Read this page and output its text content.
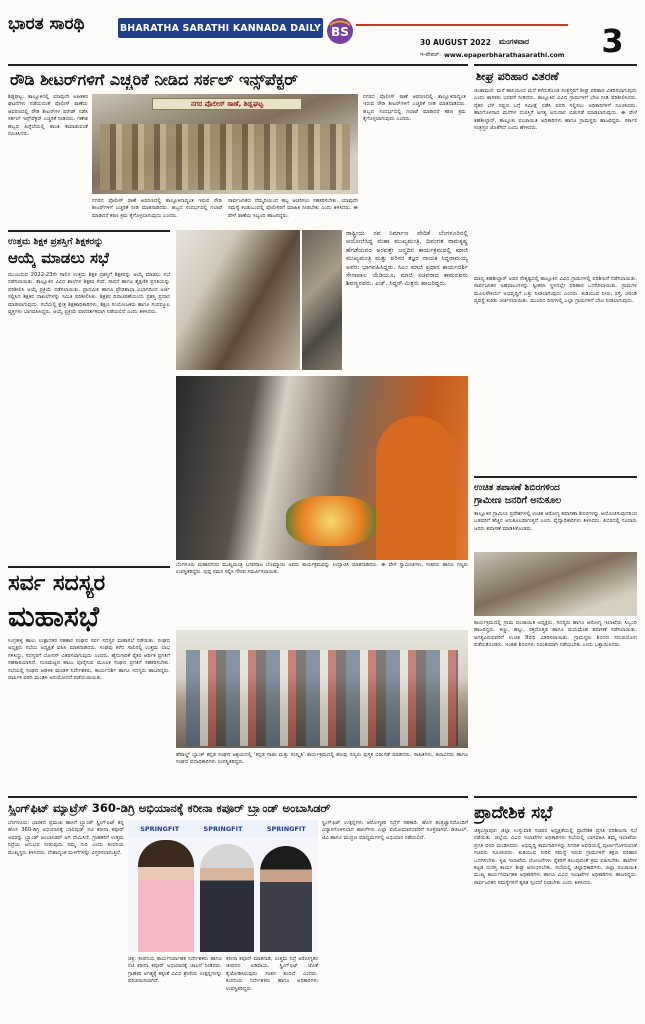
ಭಾರತ ಸಾರಥಿ	BHARATHA SARATHI KANNADA DAILY BS
30 AUGUST 2022 ಮಂಗಳವಾರ 3
ಇ-ಪೇಪರ್: www.epaperbharathasarathi.com
ರೌಡಿ ಶೀಟರ್‌ಗಳಿಗೆ ಎಚ್ಚರಿಕೆ ನೀಡಿದ ಸರ್ಕಲ್ ಇನ್ಸ್‌ಪೆಕ್ಟರ್
ಶಿಡ್ಲಘಟ್ಟ: ತಾಲ್ಲೂಕಿನಲ್ಲಿ ಯಾವುದೇ ಅಹಿತಕರ ಘಟನೆಗಳು ನಡೆಯದಂತೆ ಪೊಲೀಸ್ ಠಾಣೆಯ ಆವರಣದಲ್ಲಿ ರೌಡಿ ಶೀಟರ್‌ಗಳ ಪರೇಡ್ ನಡೆಸಿ ಸರ್ಕಲ್ ಇನ್ಸ್‌ಪೆಕ್ಟರ್ ಎಚ್ಚರಿಕೆ ನೀಡಿದರು. ಗಣೇಶ ಹಬ್ಬದ ಹಿನ್ನೆಲೆಯಲ್ಲಿ ಶಾಂತಿ ಕಾಪಾಡುವಂತೆ ಸೂಚಿಸಿದರು.
ನಗರ ಪೊಲೀಸ್ ಠಾಣೆ, ಶಿಡ್ಲಘಟ್ಟ
ನಗರದ ಪೊಲೀಸ್ ಠಾಣೆ ಆವರಣದಲ್ಲಿ ತಾಲ್ಲೂಕಿನಾದ್ಯಂತ ಇರುವ ರೌಡಿ ಶೀಟರ್‌ಗಳಿಗೆ ಎಚ್ಚರಿಕೆ ನೀಡಿ ಮಾತನಾಡಿದರು. ಹಬ್ಬದ ಸಂದರ್ಭದಲ್ಲಿ ಗಲಾಟೆ ಮಾಡಿದರೆ ಕಠಿಣ ಕ್ರಮ ಕೈಗೊಳ್ಳಲಾಗುವುದು ಎಂದರು.
ಸಾರ್ವಜನಿಕರು ನೆಮ್ಮದಿಯಿಂದ ಹಬ್ಬ ಆಚರಿಸಲು ಸಹಕರಿಸಬೇಕು. ಯಾವುದೇ ಸಮಸ್ಯೆ ಕಂಡುಬಂದಲ್ಲಿ ಪೊಲೀಸರಿಗೆ ಮಾಹಿತಿ ನೀಡಬೇಕು ಎಂದು ತಿಳಿಸಿದರು. ಈ ವೇಳೆ ಠಾಣೆಯ ಸಿಬ್ಬಂದಿ ಹಾಜರಿದ್ದರು.
ನಗರದ ಪೊಲೀಸ್ ಠಾಣೆ ಆವರಣದಲ್ಲಿ ತಾಲ್ಲೂಕಿನಾದ್ಯಂತ ಇರುವ ರೌಡಿ ಶೀಟರ್‌ಗಳಿಗೆ ಎಚ್ಚರಿಕೆ ನೀಡಿ ಮಾತನಾಡಿದರು. ಹಬ್ಬದ ಸಂದರ್ಭದಲ್ಲಿ ಗಲಾಟೆ ಮಾಡಿದರೆ ಕಠಿಣ ಕ್ರಮ ಕೈಗೊಳ್ಳಲಾಗುವುದು ಎಂದರು.
ಶೀಘ್ರ ಪರಿಹಾರ ವಿತರಣೆ
ಚಿಂತಾಮಣಿ: ಮಳೆ ಹಾನಿಯಿಂದ ಮನೆ ಕಳೆದುಕೊಂಡ ಸಂತ್ರಸ್ತರಿಗೆ ಶೀಘ್ರ ಪರಿಹಾರ ವಿತರಿಸಲಾಗುವುದು ಎಂದು ಶಾಸಕರು ಭರವಸೆ ನೀಡಿದರು. ತಾಲ್ಲೂಕಿನ ವಿವಿಧ ಗ್ರಾಮಗಳಿಗೆ ಭೇಟಿ ನೀಡಿ ಪರಿಶೀಲಿಸಿದರು. ರೈತರ ಬೆಳೆ ನಷ್ಟದ ಬಗ್ಗೆ ಸಮೀಕ್ಷೆ ನಡೆಸಿ ವರದಿ ಸಲ್ಲಿಸಲು ಅಧಿಕಾರಿಗಳಿಗೆ ಸೂಚಿಸಿದರು. ಹಾನಿಗೊಳಗಾದ ಮನೆಗಳ ದುರಸ್ತಿಗೆ ಅಗತ್ಯ ಅನುದಾನ ಬಿಡುಗಡೆ ಮಾಡಲಾಗುವುದು. ಈ ವೇಳೆ ತಹಶೀಲ್ದಾರ್, ತಾಲ್ಲೂಕು ಪಂಚಾಯಿತಿ ಅಧಿಕಾರಿಗಳು ಹಾಗೂ ಗ್ರಾಮಸ್ಥರು ಹಾಜರಿದ್ದರು. ಸರ್ಕಾರ ಸಂತ್ರಸ್ತರ ಜೊತೆಗಿದೆ ಎಂದು ಹೇಳಿದರು.
ಉತ್ತಮ ಶಿಕ್ಷಕ ಪ್ರಶಸ್ತಿಗೆ ಶಿಕ್ಷಕರನ್ನು
ಆಯ್ಕೆ ಮಾಡಲು ಸಭೆ
ಮುಂಬರುವ 2022-23ನೇ ಸಾಲಿನ ಉತ್ತಮ ಶಿಕ್ಷಕ ಪ್ರಶಸ್ತಿಗೆ ಶಿಕ್ಷಕರನ್ನು ಆಯ್ಕೆ ಮಾಡಲು ಸಭೆ ನಡೆಸಲಾಯಿತು. ತಾಲ್ಲೂಕಿನ ವಿವಿಧ ಶಾಲೆಗಳ ಶಿಕ್ಷಕರ ಸೇವೆ, ಸಾಧನೆ ಹಾಗೂ ಶೈಕ್ಷಣಿಕ ಪ್ರಗತಿಯನ್ನು ಪರಿಶೀಲಿಸಿ ಆಯ್ಕೆ ಪ್ರಕ್ರಿಯೆ ನಡೆಸಲಾಯಿತು. ಪ್ರಾಥಮಿಕ ಹಾಗೂ ಪ್ರೌಢಶಾಲಾ ವಿಭಾಗದಿಂದ ಅರ್ಜಿ ಸಲ್ಲಿಸಿದ ಶಿಕ್ಷಕರ ದಾಖಲೆಗಳನ್ನು ಸಮಿತಿ ಪರಿಶೀಲಿಸಿತು. ಶಿಕ್ಷಕರ ದಿನಾಚರಣೆಯಂದು ಪ್ರಶಸ್ತಿ ಪ್ರದಾನ ಮಾಡಲಾಗುವುದು. ಸಭೆಯಲ್ಲಿ ಕ್ಷೇತ್ರ ಶಿಕ್ಷಣಾಧಿಕಾರಿಗಳು, ಶಿಕ್ಷಣ ಸಂಯೋಜಕರು ಹಾಗೂ ಸಂಪನ್ಮೂಲ ವ್ಯಕ್ತಿಗಳು ಭಾಗವಹಿಸಿದ್ದರು. ಆಯ್ಕೆ ಪ್ರಕ್ರಿಯೆ ಪಾರದರ್ಶಕವಾಗಿ ನಡೆಯಲಿದೆ ಎಂದು ತಿಳಿಸಿದರು.
ರಾಷ್ಟ್ರೀಯ ನವ ನಿರ್ಮಾಣ ವೇದಿಕೆ ಬೆಂಗಳೂರಿನಲ್ಲಿ ಆಯೋಜಿಸಿದ್ದ ಮಹಾ ಮುಖ್ಯಮಂತ್ರಿ, ದಿವಂಗತ ರಾಮಕೃಷ್ಣ ಹೆಗಡೆಯವರ ಅರವತ್ತೇ ಜನ್ಮದಿನ ಕಾರ್ಯಕ್ರಮದಲ್ಲಿ ಮಾಜಿ ಮುಖ್ಯಮಂತ್ರಿ ಮತ್ತು ಪರಿಸರ ತಜ್ಞರ ನಾಯಕ ಸಿದ್ದರಾಮಯ್ಯ ಅವರು ಭಾಗವಹಿಸಿದ್ದರು. ಸಿಎಂ ಮಾಜಿ ಪ್ರಧಾನ ಕಾರ್ಯದರ್ಶಿ ಸೇನಾಪಾಲ ಯೆಡಿಯೂ, ಮಾಜಿ ಸಚಿವರಾದ ಕಾಮದವರು ಶಿವಣ್ಣನವರು, ಎಚ್. ಸಿದ್ಧರ್ ಮಿತ್ರರು ಹಾಜರಿದ್ದರು.
ಬೆಂಗಳೂರು ಮಹಾನಗರದ ಮುಖ್ಯಮಂತ್ರಿ ಬಸವರಾಜ ಬೊಮ್ಮಾಯಿ ಅವರು ಕಾರ್ಯಕ್ರಮವನ್ನು ಉದ್ಘಾಟಿಸಿ ಮಾತನಾಡಿದರು. ಈ ವೇಳೆ ಸ್ವಾಮೀಜಿಗಳು, ಸಚಿವರು ಹಾಗೂ ಗಣ್ಯರು ಉಪಸ್ಥಿತರಿದ್ದರು. ಪುಷ್ಪ ನಮನ ಸಲ್ಲಿಸಿ ಗೌರವ ಸಮರ್ಪಿಸಲಾಯಿತು.
ಮಾನ್ಯ ತಹಶೀಲ್ದಾರ್ ಅವರ ನೇತೃತ್ವದಲ್ಲಿ ತಾಲ್ಲೂಕಿನ ವಿವಿಧ ಗ್ರಾಮಗಳಲ್ಲಿ ಪರಿಶೀಲನೆ ನಡೆಸಲಾಯಿತು. ಸಾರ್ವಜನಿಕರ ಅಹವಾಲುಗಳನ್ನು ಸ್ವೀಕರಿಸಿ ಸ್ಥಳದಲ್ಲೇ ಪರಿಹಾರ ಒದಗಿಸಲಾಯಿತು. ಗ್ರಾಮಗಳ ಮೂಲಸೌಕರ್ಯ ಅಭಿವೃದ್ಧಿಗೆ ಒತ್ತು ನೀಡಲಾಗುವುದು ಎಂದರು. ಕುಡಿಯುವ ನೀರು, ರಸ್ತೆ, ಚರಂಡಿ ವ್ಯವಸ್ಥೆ ಕುರಿತು ಚರ್ಚಿಸಲಾಯಿತು. ಮುಂದಿನ ದಿನಗಳಲ್ಲಿ ಎಲ್ಲಾ ಗ್ರಾಮಗಳಿಗೆ ಭೇಟಿ ನೀಡಲಾಗುವುದು.
ಉಚಿತ ತಪಾಸಣೆ ಶಿಬಿರಗಳಿಂದ
ಗ್ರಾಮೀಣ ಜನರಿಗೆ ಅನುಕೂಲ
ತಾಲ್ಲೂಕಿನ ಗ್ರಾಮೀಣ ಪ್ರದೇಶಗಳಲ್ಲಿ ಉಚಿತ ಆರೋಗ್ಯ ತಪಾಸಣಾ ಶಿಬಿರಗಳನ್ನು ಆಯೋಜಿಸುವುದರಿಂದ ಬಡವರಿಗೆ ಹೆಚ್ಚಿನ ಅನುಕೂಲವಾಗುತ್ತದೆ ಎಂದು ವೈದ್ಯಾಧಿಕಾರಿಗಳು ತಿಳಿಸಿದರು. ಶಿಬಿರದಲ್ಲಿ ನೂರಾರು ಜನರು ತಪಾಸಣೆ ಮಾಡಿಸಿಕೊಂಡರು.
ಕಾರ್ಯಕ್ರಮದಲ್ಲಿ ಗ್ರಾಮ ಪಂಚಾಯಿತಿ ಅಧ್ಯಕ್ಷರು, ಸದಸ್ಯರು ಹಾಗೂ ಆರೋಗ್ಯ ಇಲಾಖೆಯ ಸಿಬ್ಬಂದಿ ಹಾಜರಿದ್ದರು. ಕಣ್ಣು, ಹಲ್ಲು, ರಕ್ತದೊತ್ತಡ ಹಾಗೂ ಮಧುಮೇಹ ತಪಾಸಣೆ ನಡೆಸಲಾಯಿತು. ಅಗತ್ಯವಿರುವವರಿಗೆ ಉಚಿತ ಔಷಧಿ ವಿತರಿಸಲಾಯಿತು. ಗ್ರಾಮಸ್ಥರು ಶಿಬಿರದ ಸದುಪಯೋಗ ಪಡೆದುಕೊಂಡರು. ಇಂತಹ ಶಿಬಿರಗಳು ನಿರಂತರವಾಗಿ ನಡೆಯಬೇಕು ಎಂದು ಒತ್ತಾಯಿಸಿದರು.
ಸರ್ವ ಸದಸ್ಯರ
ಮಹಾಸಭೆ
ಸಿಂಗ್ರಹಳ್ಳಿ ಹಾಲು ಉತ್ಪಾದಕರ ಸಹಕಾರ ಸಂಘದ ಸರ್ವ ಸದಸ್ಯರ ಮಹಾಸಭೆ ನಡೆಯಿತು. ಸಂಘದ ಅಧ್ಯಕ್ಷರು ಸಭೆಯ ಅಧ್ಯಕ್ಷತೆ ವಹಿಸಿ ಮಾತನಾಡಿದರು. ಸಂಘವು ಕಳೆದ ಸಾಲಿನಲ್ಲಿ ಉತ್ತಮ ಲಾಭ ಗಳಿಸಿದ್ದು, ಸದಸ್ಯರಿಗೆ ಬೋನಸ್ ವಿತರಿಸಲಾಗುವುದು ಎಂದರು. ಹೈನುಗಾರಿಕೆ ರೈತರ ಆರ್ಥಿಕ ಪ್ರಗತಿಗೆ ಸಹಕಾರಿಯಾಗಿದೆ. ಗುಣಮಟ್ಟದ ಹಾಲು ಪೂರೈಸುವ ಮೂಲಕ ಸಂಘದ ಪ್ರಗತಿಗೆ ಸಹಕರಿಸಬೇಕು. ಸಭೆಯಲ್ಲಿ ಸಂಘದ ಆಡಳಿತ ಮಂಡಳಿ ನಿರ್ದೇಶಕರು, ಕಾರ್ಯದರ್ಶಿ ಹಾಗೂ ಸದಸ್ಯರು ಹಾಜರಿದ್ದರು. ವಾರ್ಷಿಕ ವರದಿ ಮಂಡಿಸಿ ಅನುಮೋದನೆ ಪಡೆಯಲಾಯಿತು.
ಹೆರಾಲ್ಡ್ ಬ್ಯಾಂಕ್ ಕನ್ನಡ ಸಂಘದ ಆಶ್ರಯದಲ್ಲಿ ‘ಕನ್ನಡ ನಾಡು ಮತ್ತು ಸಂಸ್ಕೃತಿ’ ಕಾರ್ಯಕ್ರಮದಲ್ಲಿ ಹಲವು ಗಣ್ಯರು ಪುಸ್ತಕ ಬಿಡುಗಡೆ ಮಾಡಿದರು. ಸಾಹಿತಿಗಳು, ಕಲಾವಿದರು ಹಾಗೂ ಸಂಘದ ಪದಾಧಿಕಾರಿಗಳು ಉಪಸ್ಥಿತರಿದ್ದರು.
ಸ್ಪ್ರಿಂಗ್‌ಫಿಟ್ ಮ್ಯಾಟ್ರೆಸ್ 360-ಡಿಗ್ರಿ ಅಭಿಯಾನಕ್ಕೆ ಕರೀನಾ ಕಪೂರ್ ಬ್ರ್ಯಾಂಡ್ ಅಂಬಾಸಿಡರ್
ಬೆಂಗಳೂರು: ಭಾರತದ ಪ್ರಮುಖ ಹಾಸಿಗೆ ಬ್ರ್ಯಾಂಡ್ ಸ್ಪ್ರಿಂಗ್‌ಫಿಟ್ ತನ್ನ ಹೊಸ 360-ಡಿಗ್ರಿ ಅಭಿಯಾನಕ್ಕೆ ಬಾಲಿವುಡ್ ನಟಿ ಕರೀನಾ ಕಪೂರ್ ಅವರನ್ನು ಬ್ರ್ಯಾಂಡ್ ಅಂಬಾಸಿಡರ್ ಆಗಿ ನೇಮಿಸಿದೆ. ಗ್ರಾಹಕರಿಗೆ ಉತ್ತಮ ನಿದ್ರೆಯ ಅನುಭವ ನೀಡುವುದು ನಮ್ಮ ಗುರಿ ಎಂದು ಕಂಪನಿಯ ಮುಖ್ಯಸ್ಥರು ತಿಳಿಸಿದರು. ದೇಶಾದ್ಯಂತ ಮಳಿಗೆಗಳನ್ನು ವಿಸ್ತರಿಸಲಾಗುತ್ತಿದೆ.
SPRINGFIT	SPRINGFIT	SPRINGFIT
ಚಿತ್ರ: ಕಂಪನಿಯ ಕಾರ್ಯನಿರ್ವಾಹಕ ನಿರ್ದೇಶಕರು ಹಾಗೂ ನಟಿ ಕರೀನಾ ಕಪೂರ್ ಅಭಿಯಾನಕ್ಕೆ ಚಾಲನೆ ನೀಡಿದರು. ಗ್ರಾಹಕರ ಅಗತ್ಯಕ್ಕೆ ತಕ್ಕಂತೆ ವಿವಿಧ ಶ್ರೇಣಿಯ ಉತ್ಪನ್ನಗಳನ್ನು ಪರಿಚಯಿಸಲಾಗಿದೆ.
ಕರೀನಾ ಕಪೂರ್ ಮಾತನಾಡಿ, ಉತ್ತಮ ನಿದ್ರೆ ಆರೋಗ್ಯಕರ ಜೀವನದ ಅಡಿಪಾಯ. ಸ್ಪ್ರಿಂಗ್‌ಫಿಟ್ ಜೊತೆ ಕೈಜೋಡಿಸಿರುವುದು ಸಂತಸ ತಂದಿದೆ ಎಂದರು. ಕಂಪನಿಯ ನಿರ್ದೇಶಕರು ಹಾಗೂ ಅಧಿಕಾರಿಗಳು ಉಪಸ್ಥಿತರಿದ್ದರು.
ಸ್ಪ್ರಿಂಗ್‌ಫಿಟ್ ಉತ್ಪನ್ನಗಳು ಆರೋಗ್ಯಕರ ನಿದ್ರೆಗೆ ಸಹಕಾರಿ. ಹೊಸ ತಂತ್ರಜ್ಞಾನದೊಂದಿಗೆ ವಿನ್ಯಾಸಗೊಳಿಸಲಾದ ಹಾಸಿಗೆಗಳು ಎಲ್ಲಾ ವಯೋಮಾನದವರಿಗೆ ಸೂಕ್ತವಾಗಿವೆ. ಡಿಜಿಟಲ್, ಟಿವಿ ಹಾಗೂ ಮುದ್ರಣ ಮಾಧ್ಯಮಗಳಲ್ಲಿ ಅಭಿಯಾನ ನಡೆಯಲಿದೆ.
ಪ್ರಾದೇಶಿಕ ಸಭೆ
ಚಿಕ್ಕಬಳ್ಳಾಪುರ: ಜಿಲ್ಲಾ ಉಸ್ತುವಾರಿ ಸಚಿವರ ಅಧ್ಯಕ್ಷತೆಯಲ್ಲಿ ಪ್ರಾದೇಶಿಕ ಪ್ರಗತಿ ಪರಿಶೀಲನಾ ಸಭೆ ನಡೆಯಿತು. ಜಿಲ್ಲೆಯ ವಿವಿಧ ಇಲಾಖೆಗಳ ಅಧಿಕಾರಿಗಳು ಸಭೆಯಲ್ಲಿ ಭಾಗವಹಿಸಿ ತಮ್ಮ ಇಲಾಖೆಯ ಪ್ರಗತಿ ವರದಿ ಮಂಡಿಸಿದರು. ಅಭಿವೃದ್ಧಿ ಕಾಮಗಾರಿಗಳನ್ನು ನಿಗದಿತ ಅವಧಿಯಲ್ಲಿ ಪೂರ್ಣಗೊಳಿಸುವಂತೆ ಸಚಿವರು ಸೂಚಿಸಿದರು. ಕುಡಿಯುವ ನೀರಿನ ಸಮಸ್ಯೆ ಇರುವ ಗ್ರಾಮಗಳಿಗೆ ತಕ್ಷಣ ಪರಿಹಾರ ಒದಗಿಸಬೇಕು. ಕೃಷಿ ಇಲಾಖೆಯ ಯೋಜನೆಗಳು ರೈತರಿಗೆ ತಲುಪುವಂತೆ ಕ್ರಮ ವಹಿಸಬೇಕು. ಶಾಲೆಗಳ ಕಟ್ಟಡ ದುರಸ್ತಿ ಕಾರ್ಯ ಶೀಘ್ರ ಆರಂಭಿಸಬೇಕು. ಸಭೆಯಲ್ಲಿ ಜಿಲ್ಲಾಧಿಕಾರಿಗಳು, ಜಿಲ್ಲಾ ಪಂಚಾಯಿತಿ ಮುಖ್ಯ ಕಾರ್ಯನಿರ್ವಾಹಕ ಅಧಿಕಾರಿಗಳು ಹಾಗೂ ವಿವಿಧ ಇಲಾಖೆಗಳ ಅಧಿಕಾರಿಗಳು ಹಾಜರಿದ್ದರು. ಸಾರ್ವಜನಿಕರ ಸಮಸ್ಯೆಗಳಿಗೆ ತ್ವರಿತ ಸ್ಪಂದನೆ ನೀಡಬೇಕು ಎಂದು ತಿಳಿಸಿದರು.
